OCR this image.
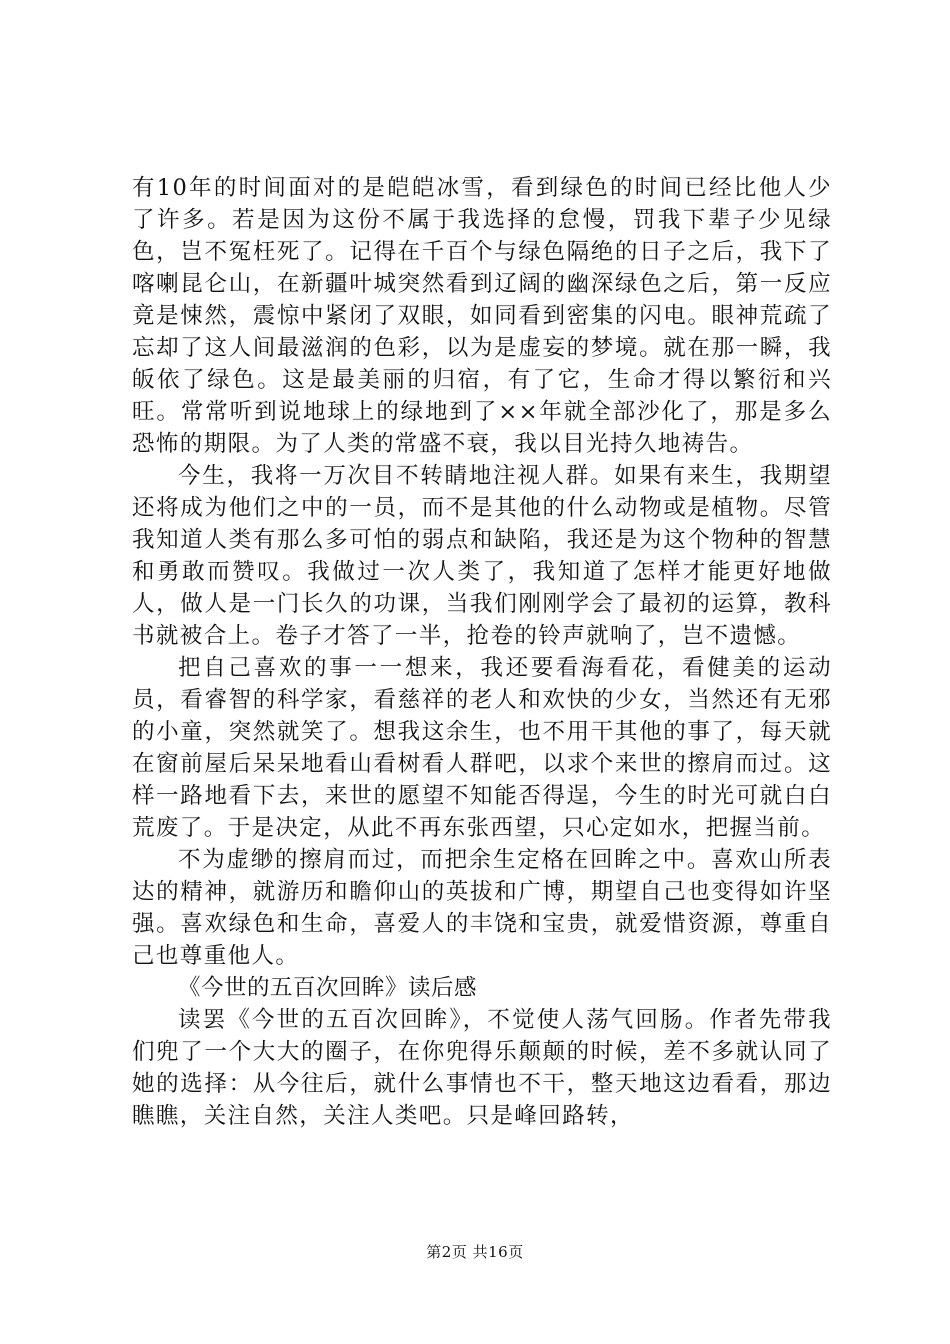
有10年的时间面对的是皑皑冰雪，看到绿色的时间已经比他人少了许多。若是因为这份不属于我选择的怠慢，罚我下辈子少见绿色，岂不冤枉死了。记得在千百个与绿色隔绝的日子之后，我下了喀喇昆仑山，在新疆叶城突然看到辽阔的幽深绿色之后，第一反应竟是悚然，震惊中紧闭了双眼，如同看到密集的闪电。眼神荒疏了忘却了这人间最滋润的色彩，以为是虚妄的梦境。就在那一瞬，我皈依了绿色。这是最美丽的归宿，有了它，生命才得以繁衍和兴旺。常常听到说地球上的绿地到了××年就全部沙化了，那是多么恐怖的期限。为了人类的常盛不衰，我以目光持久地祷告。

今生，我将一万次目不转睛地注视人群。如果有来生，我期望还将成为他们之中的一员，而不是其他的什么动物或是植物。尽管我知道人类有那么多可怕的弱点和缺陷，我还是为这个物种的智慧和勇敢而赞叹。我做过一次人类了，我知道了怎样才能更好地做人，做人是一门长久的功课，当我们刚刚学会了最初的运算，教科书就被合上。卷子才答了一半，抢卷的铃声就响了，岂不遗憾。

把自己喜欢的事一一想来，我还要看海看花，看健美的运动员，看睿智的科学家，看慈祥的老人和欢快的少女，当然还有无邪的小童，突然就笑了。想我这余生，也不用干其他的事了，每天就在窗前屋后呆呆地看山看树看人群吧，以求个来世的擦肩而过。这样一路地看下去，来世的愿望不知能否得逞，今生的时光可就白白荒废了。于是决定，从此不再东张西望，只心定如水，把握当前。

不为虚缈的擦肩而过，而把余生定格在回眸之中。喜欢山所表达的精神，就游历和瞻仰山的英拔和广博，期望自己也变得如许坚强。喜欢绿色和生命，喜爱人的丰饶和宝贵，就爱惜资源，尊重自己也尊重他人。

《今世的五百次回眸》读后感

读罢《今世的五百次回眸》，不觉使人荡气回肠。作者先带我们兜了一个大大的圈子，在你兜得乐颠颠的时候，差不多就认同了她的选择：从今往后，就什么事情也不干，整天地这边看看，那边瞧瞧，关注自然，关注人类吧。只是峰回路转，

第2页 共16页
